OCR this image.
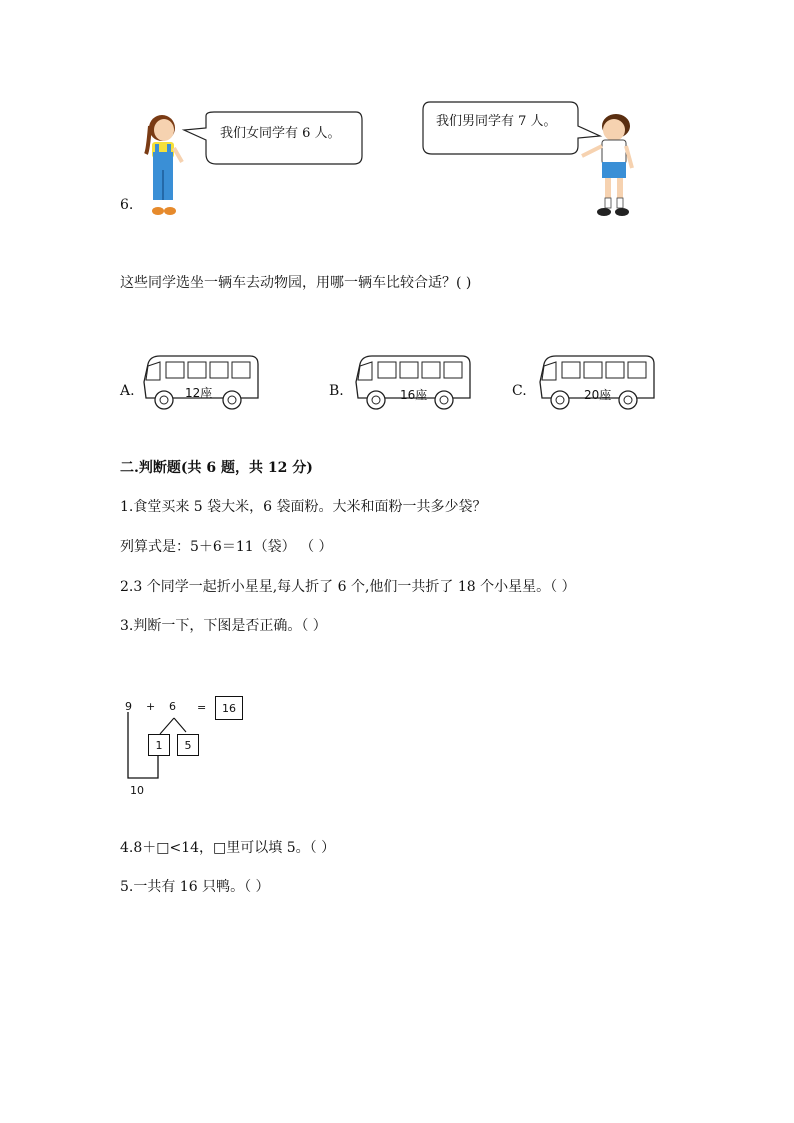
6.
我们女同学有 6 人。
我们男同学有 7 人。
这些同学选坐一辆车去动物园，用哪一辆车比较合适？( )
A.	12座	B.	16座	C.	20座
二.判断题(共 6 题，共 12 分)
1.食堂买来 5 袋大米，6 袋面粉。大米和面粉一共多少袋？
列算式是：5＋6＝11（袋） （ ）
2.3 个同学一起折小星星,每人折了 6 个,他们一共折了 18 个小星星。（ ）
3.判断一下，下图是否正确。（ ）
9 + 6 =	16
1	5
10
4.8＋□<14，□里可以填 5。（ ）
5.一共有 16 只鸭。（ ）
